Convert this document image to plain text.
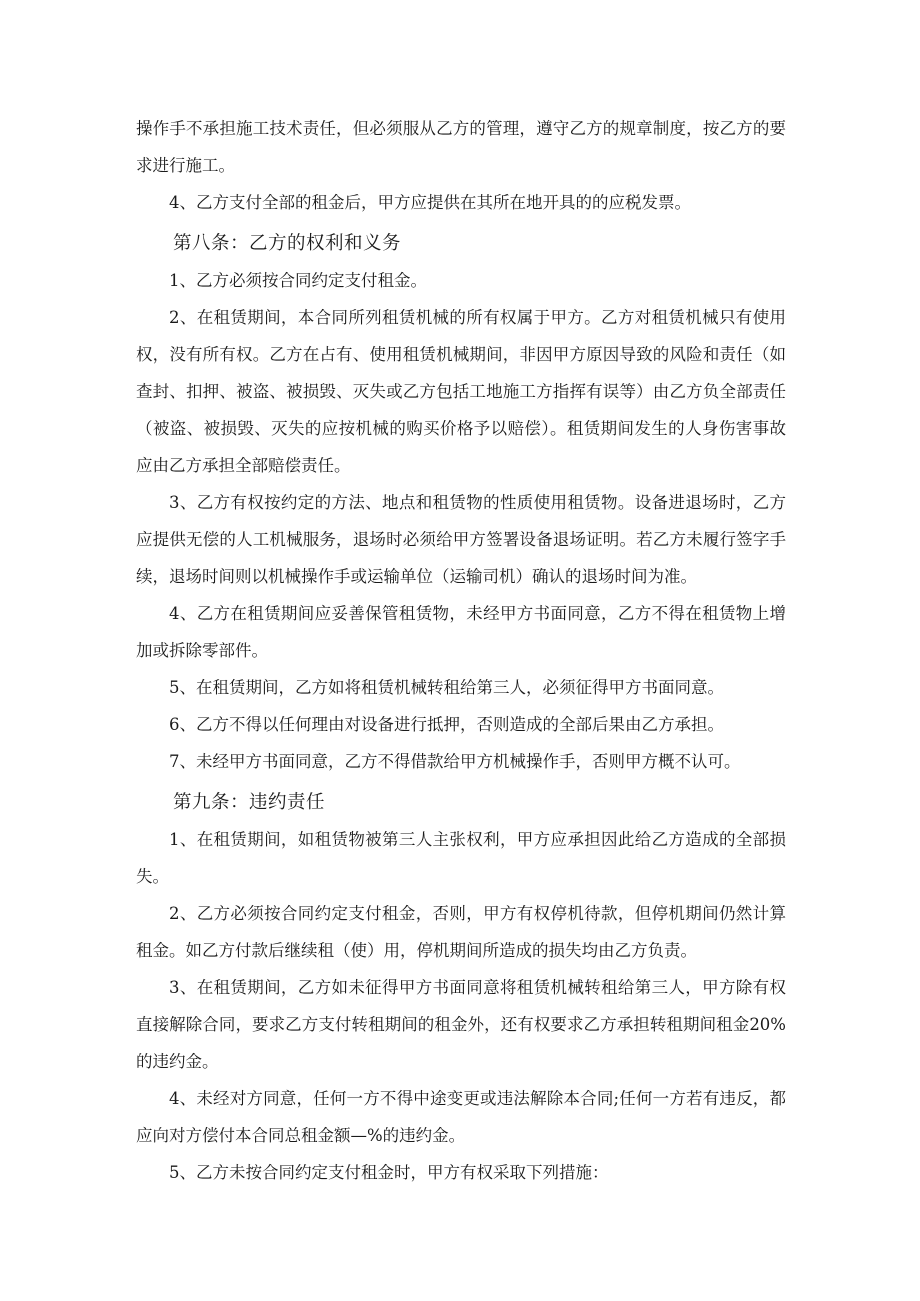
操作手不承担施工技术责任，但必须服从乙方的管理，遵守乙方的规章制度，按乙方的要求进行施工。

4、乙方支付全部的租金后，甲方应提供在其所在地开具的的应税发票。

第八条：乙方的权利和义务

1、乙方必须按合同约定支付租金。

2、在租赁期间，本合同所列租赁机械的所有权属于甲方。乙方对租赁机械只有使用权，没有所有权。乙方在占有、使用租赁机械期间，非因甲方原因导致的风险和责任（如查封、扣押、被盗、被损毁、灭失或乙方包括工地施工方指挥有误等）由乙方负全部责任（被盗、被损毁、灭失的应按机械的购买价格予以赔偿）。租赁期间发生的人身伤害事故应由乙方承担全部赔偿责任。

3、乙方有权按约定的方法、地点和租赁物的性质使用租赁物。设备进退场时，乙方应提供无偿的人工机械服务，退场时必须给甲方签署设备退场证明。若乙方未履行签字手续，退场时间则以机械操作手或运输单位（运输司机）确认的退场时间为准。

4、乙方在租赁期间应妥善保管租赁物，未经甲方书面同意，乙方不得在租赁物上增加或拆除零部件。

5、在租赁期间，乙方如将租赁机械转租给第三人，必须征得甲方书面同意。

6、乙方不得以任何理由对设备进行抵押，否则造成的全部后果由乙方承担。

7、未经甲方书面同意，乙方不得借款给甲方机械操作手，否则甲方概不认可。

第九条：违约责任

1、在租赁期间，如租赁物被第三人主张权利，甲方应承担因此给乙方造成的全部损失。

2、乙方必须按合同约定支付租金，否则，甲方有权停机待款，但停机期间仍然计算租金。如乙方付款后继续租（使）用，停机期间所造成的损失均由乙方负责。

3、在租赁期间，乙方如未征得甲方书面同意将租赁机械转租给第三人，甲方除有权直接解除合同，要求乙方支付转租期间的租金外，还有权要求乙方承担转租期间租金20%的违约金。

4、未经对方同意，任何一方不得中途变更或违法解除本合同;任何一方若有违反，都应向对方偿付本合同总租金额—%的违约金。

5、乙方未按合同约定支付租金时，甲方有权采取下列措施：
